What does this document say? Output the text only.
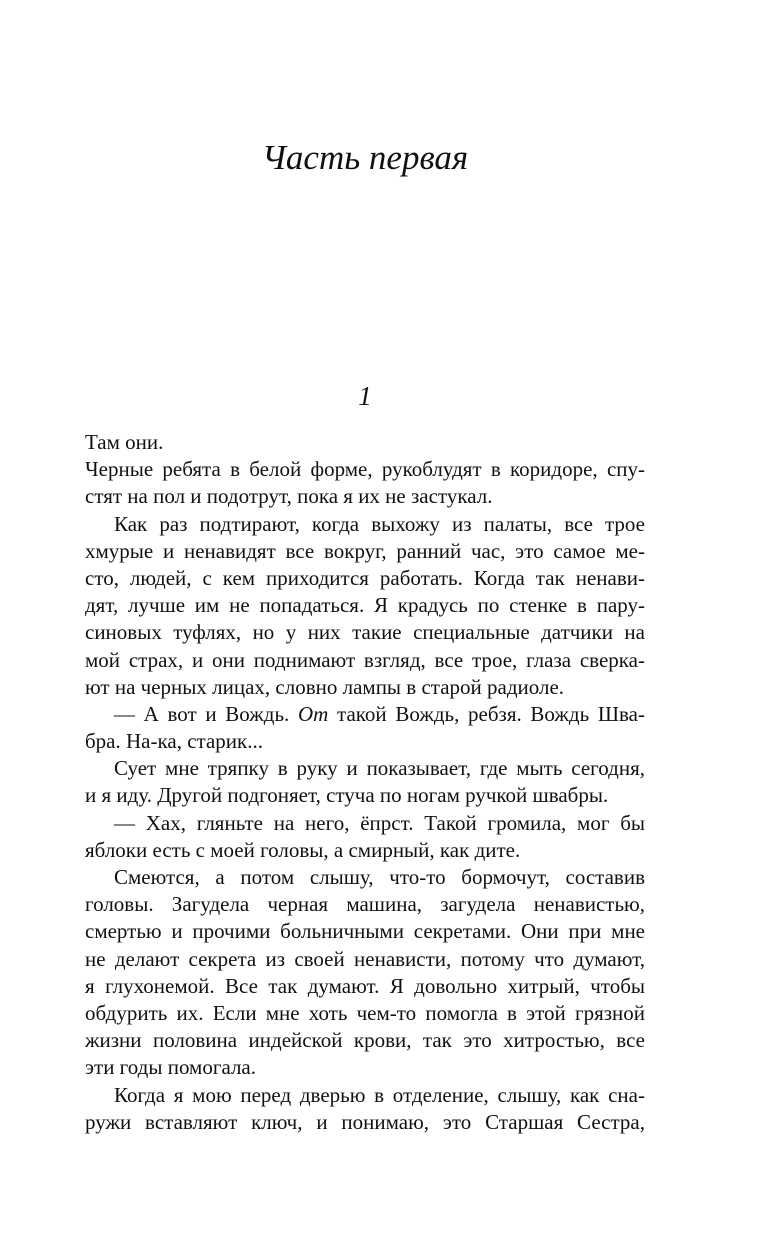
Часть первая
1
Там они.
Черные ребята в белой форме, рукоблудят в коридоре, спу-
стят на пол и подотрут, пока я их не застукал.
Как раз подтирают, когда выхожу из палаты, все трое
хмурые и ненавидят все вокруг, ранний час, это самое ме-
сто, людей, с кем приходится работать. Когда так ненави-
дят, лучше им не попадаться. Я крадусь по стенке в пару-
синовых туфлях, но у них такие специальные датчики на
мой страх, и они поднимают взгляд, все трое, глаза сверка-
ют на черных лицах, словно лампы в старой радиоле.
— А вот и Вождь. От такой Вождь, ребзя. Вождь Шва-
бра. На-ка, старик...
Сует мне тряпку в руку и показывает, где мыть сегодня,
и я иду. Другой подгоняет, стуча по ногам ручкой швабры.
— Хах, гляньте на него, ёпрст. Такой громила, мог бы
яблоки есть с моей головы, а смирный, как дите.
Смеются, а потом слышу, что-то бормочут, составив
головы. Загудела черная машина, загудела ненавистью,
смертью и прочими больничными секретами. Они при мне
не делают секрета из своей ненависти, потому что думают,
я глухонемой. Все так думают. Я довольно хитрый, чтобы
обдурить их. Если мне хоть чем-то помогла в этой грязной
жизни половина индейской крови, так это хитростью, все
эти годы помогала.
Когда я мою перед дверью в отделение, слышу, как сна-
ружи вставляют ключ, и понимаю, это Старшая Сестра,
